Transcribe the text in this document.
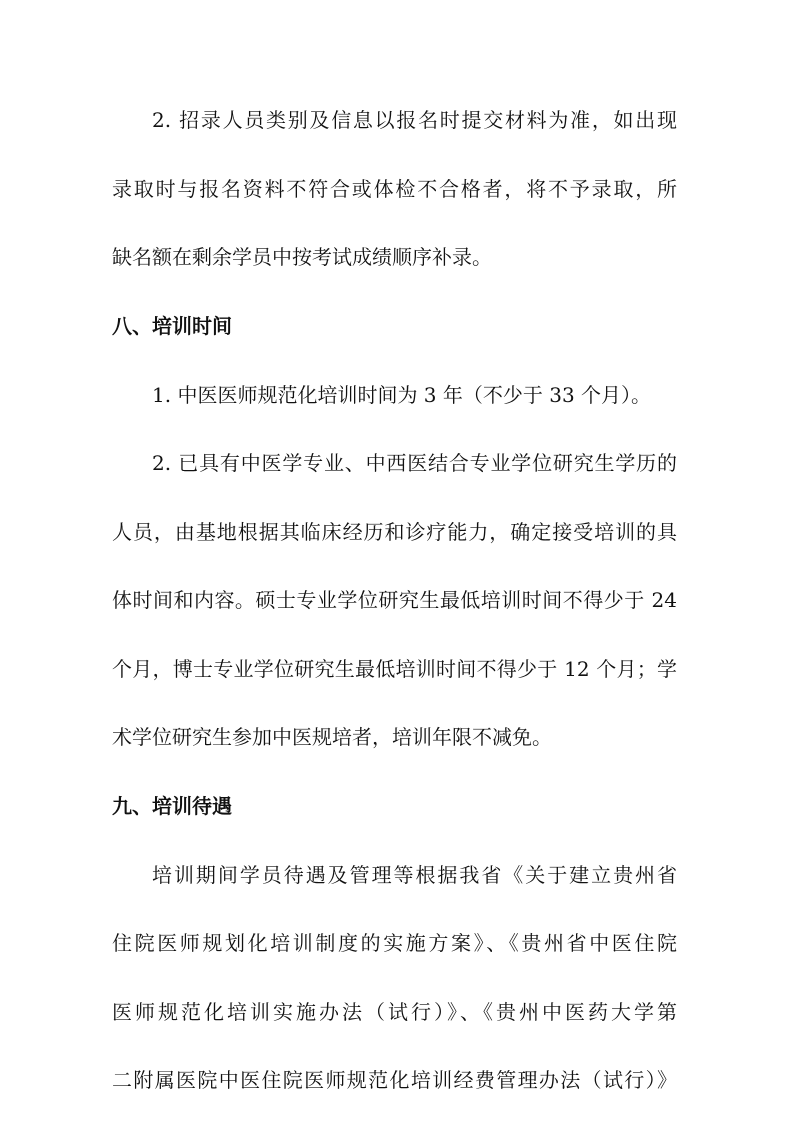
2. 招录人员类别及信息以报名时提交材料为准，如出现
录取时与报名资料不符合或体检不合格者，将不予录取，所
缺名额在剩余学员中按考试成绩顺序补录。
八、培训时间
1. 中医医师规范化培训时间为 3 年（不少于 33 个月）。
2. 已具有中医学专业、中西医结合专业学位研究生学历的
人员，由基地根据其临床经历和诊疗能力，确定接受培训的具
体时间和内容。硕士专业学位研究生最低培训时间不得少于 24
个月，博士专业学位研究生最低培训时间不得少于 12 个月；学
术学位研究生参加中医规培者，培训年限不减免。
九、培训待遇
培训期间学员待遇及管理等根据我省《关于建立贵州省
住院医师规划化培训制度的实施方案》、《贵州省中医住院
医师规范化培训实施办法（试行）》、《贵州中医药大学第
二附属医院中医住院医师规范化培训经费管理办法（试行）》
